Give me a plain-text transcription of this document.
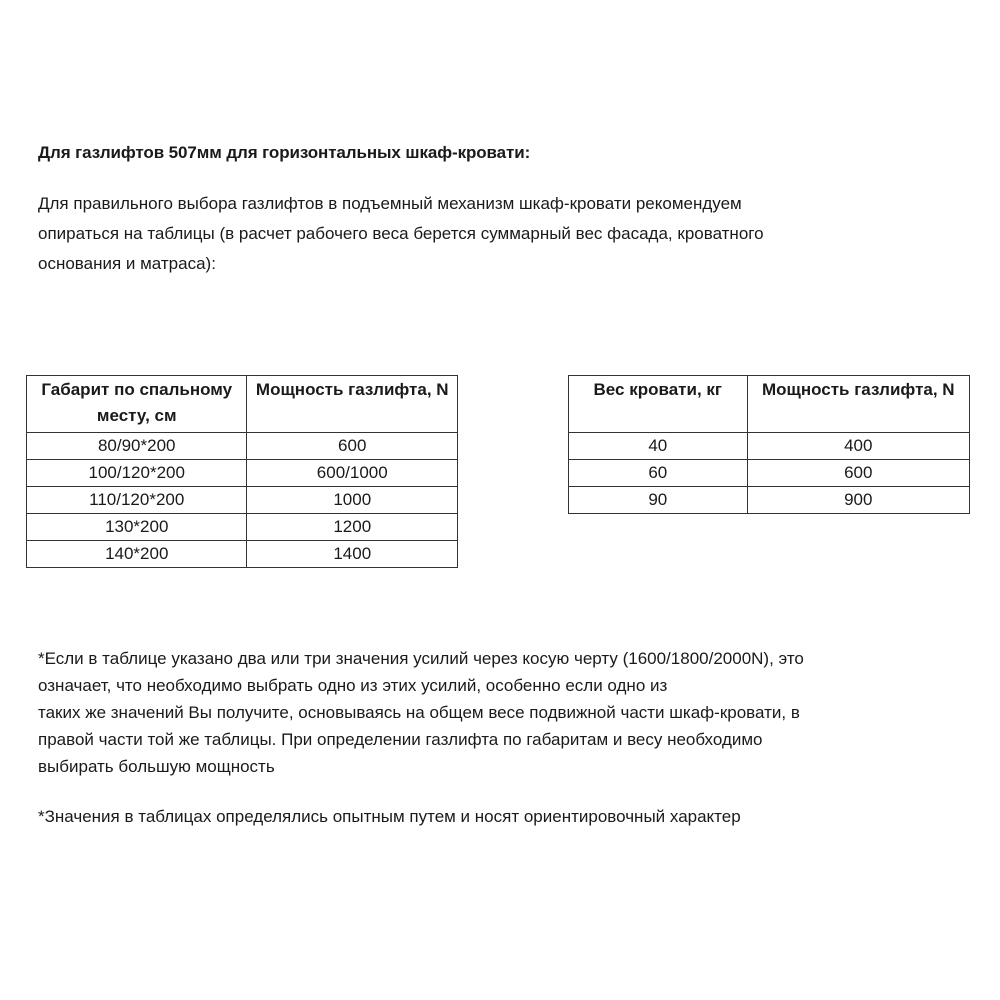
Для газлифтов 507мм для горизонтальных шкаф-кровати:
Для правильного выбора газлифтов в подъемный механизм шкаф-кровати рекомендуем
опираться на таблицы (в расчет рабочего веса берется суммарный вес фасада, кроватного
основания и матраса):
Габарит по спальному месту, см	Мощность газлифта, N
80/90*200	600
100/120*200	600/1000
110/120*200	1000
130*200	1200
140*200	1400
Вес кровати, кг	Мощность газлифта, N
40	400
60	600
90	900
*Если в таблице указано два или три значения усилий через косую черту (1600/1800/2000N), это
означает, что необходимо выбрать одно из этих усилий, особенно если одно из
таких же значений Вы получите, основываясь на общем весе подвижной части шкаф-кровати, в
правой части той же таблицы. При определении газлифта по габаритам и весу необходимо
выбирать большую мощность
*Значения в таблицах определялись опытным путем и носят ориентировочный характер
